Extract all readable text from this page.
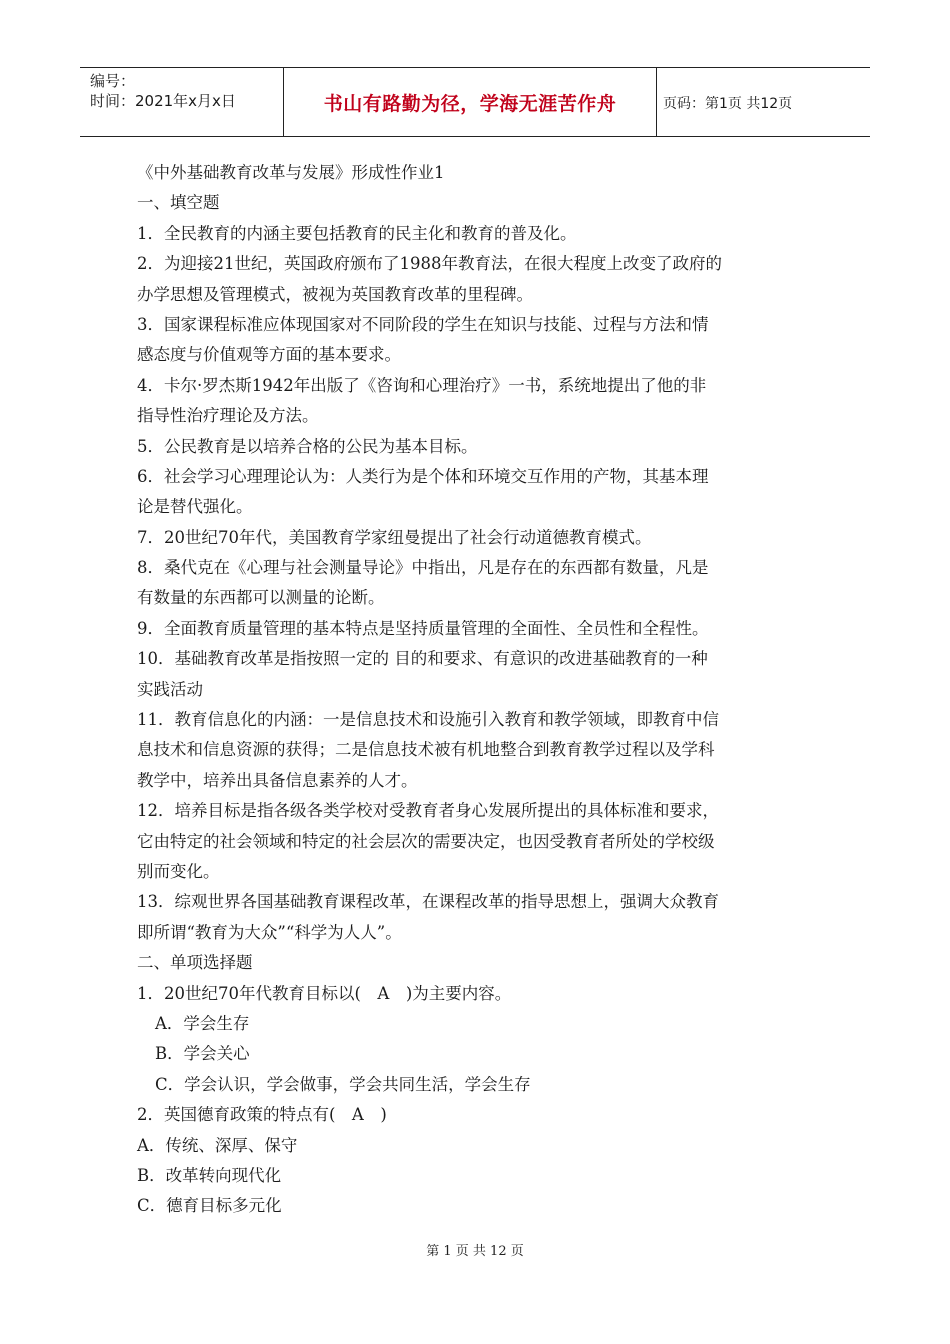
编号：
时间：2021年x月x日	书山有路勤为径，学海无涯苦作舟	页码：第1页 共12页
《中外基础教育改革与发展》形成性作业1
一、填空题
1．全民教育的内涵主要包括教育的民主化和教育的普及化。
2．为迎接21世纪，英国政府颁布了1988年教育法，在很大程度上改变了政府的
办学思想及管理模式，被视为英国教育改革的里程碑。
3．国家课程标准应体现国家对不同阶段的学生在知识与技能、过程与方法和情
感态度与价值观等方面的基本要求。
4．卡尔·罗杰斯1942年出版了《咨询和心理治疗》一书，系统地提出了他的非
指导性治疗理论及方法。
5．公民教育是以培养合格的公民为基本目标。
6．社会学习心理理论认为：人类行为是个体和环境交互作用的产物，其基本理
论是替代强化。
7．20世纪70年代，美国教育学家纽曼提出了社会行动道德教育模式。
8．桑代克在《心理与社会测量导论》中指出，凡是存在的东西都有数量，凡是
有数量的东西都可以测量的论断。
9．全面教育质量管理的基本特点是坚持质量管理的全面性、全员性和全程性。
10．基础教育改革是指按照一定的 目的和要求、有意识的改进基础教育的一种
实践活动
11．教育信息化的内涵：一是信息技术和设施引入教育和教学领域，即教育中信
息技术和信息资源的获得；二是信息技术被有机地整合到教育教学过程以及学科
教学中，培养出具备信息素养的人才。
12．培养目标是指各级各类学校对受教育者身心发展所提出的具体标准和要求，
它由特定的社会领域和特定的社会层次的需要决定，也因受教育者所处的学校级
别而变化。
13．综观世界各国基础教育课程改革，在课程改革的指导思想上，强调大众教育
即所谓“教育为大众”“科学为人人”。
二、单项选择题
1．20世纪70年代教育目标以(　A　)为主要内容。
A．学会生存
B．学会关心
C．学会认识，学会做事，学会共同生活，学会生存
2．英国德育政策的特点有(　A　)
A．传统、深厚、保守
B．改革转向现代化
C．德育目标多元化
第 1 页 共 12 页
